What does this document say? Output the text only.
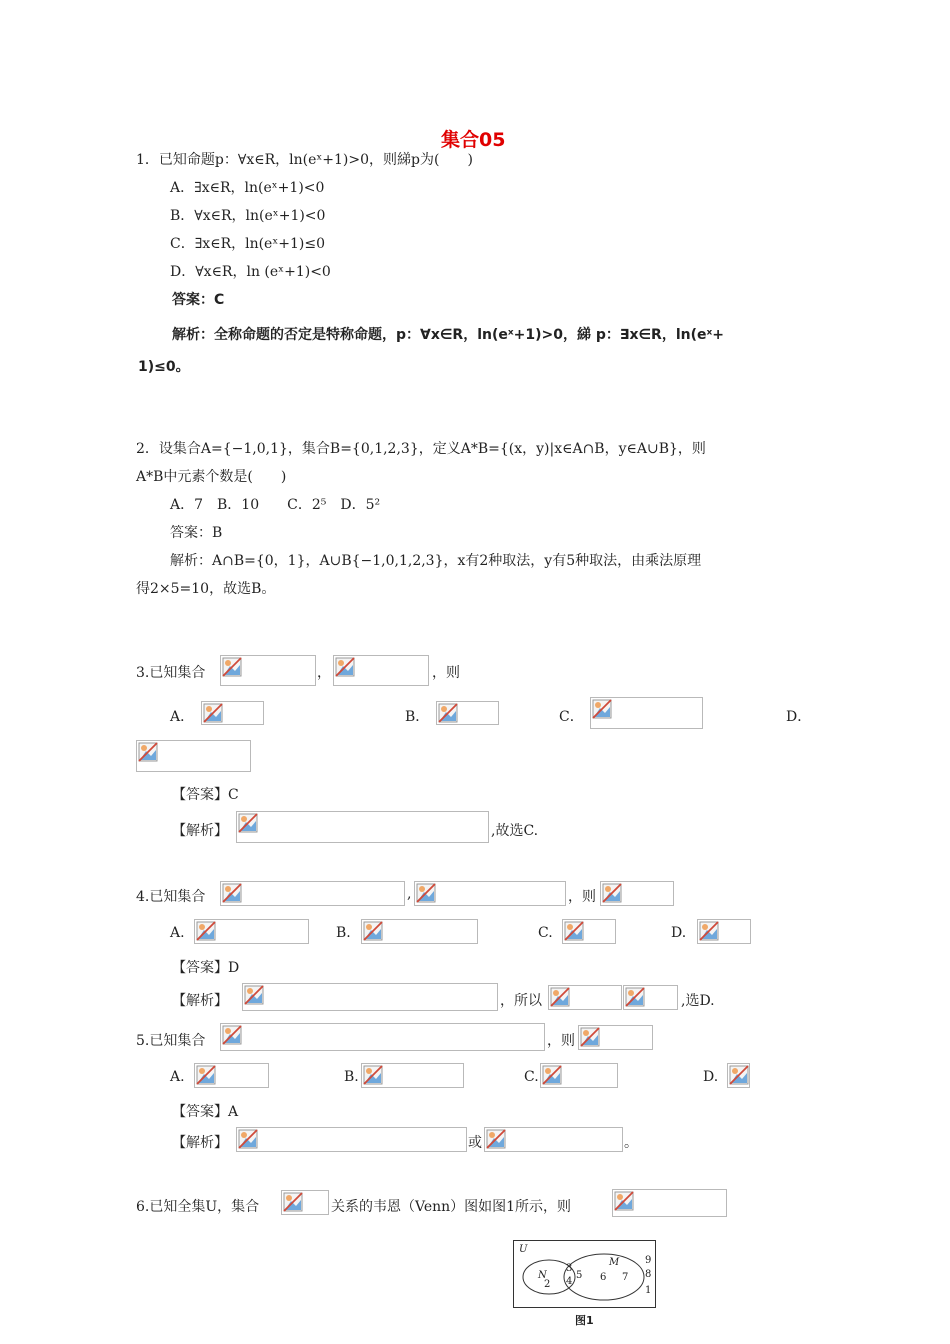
集合05
1．已知命题p：∀x∈R，ln(eˣ+1)>0，则綈p为(　　)
A．∃x∈R，ln(eˣ+1)<0
B．∀x∈R，ln(eˣ+1)<0
C．∃x∈R，ln(eˣ+1)≤0
D．∀x∈R，ln (eˣ+1)<0
答案：C
解析：全称命题的否定是特称命题，p：∀x∈R，ln(eˣ+1)>0，綈 p：∃x∈R，ln(eˣ+
1)≤0。
2．设集合A={−1,0,1}，集合B={0,1,2,3}，定义A*B={(x，y)|x∈A∩B，y∈A∪B}，则
A*B中元素个数是(　　)
A．7　B．10　　C．2⁵　D．5²
答案：B
解析：A∩B={0，1}，A∪B{−1,0,1,2,3}，x有2种取法，y有5种取法，由乘法原理
得2×5=10，故选B。
3.已知集合	，	，则
A．	B．	C．	D．
【答案】C
【解析】	,故选C.
4.已知集合	,	，则
A.	B.	C.	D.
【答案】D
【解析】	，所以	,选D.
5.已知集合	，则
A.	B.	C.	D.
【答案】A
【解析】	或	。
6.已知全集U，集合	关系的韦恩（Venn）图如图1所示，则
U
N
M
2
3
4
5 6 7
9
8
1
图1
